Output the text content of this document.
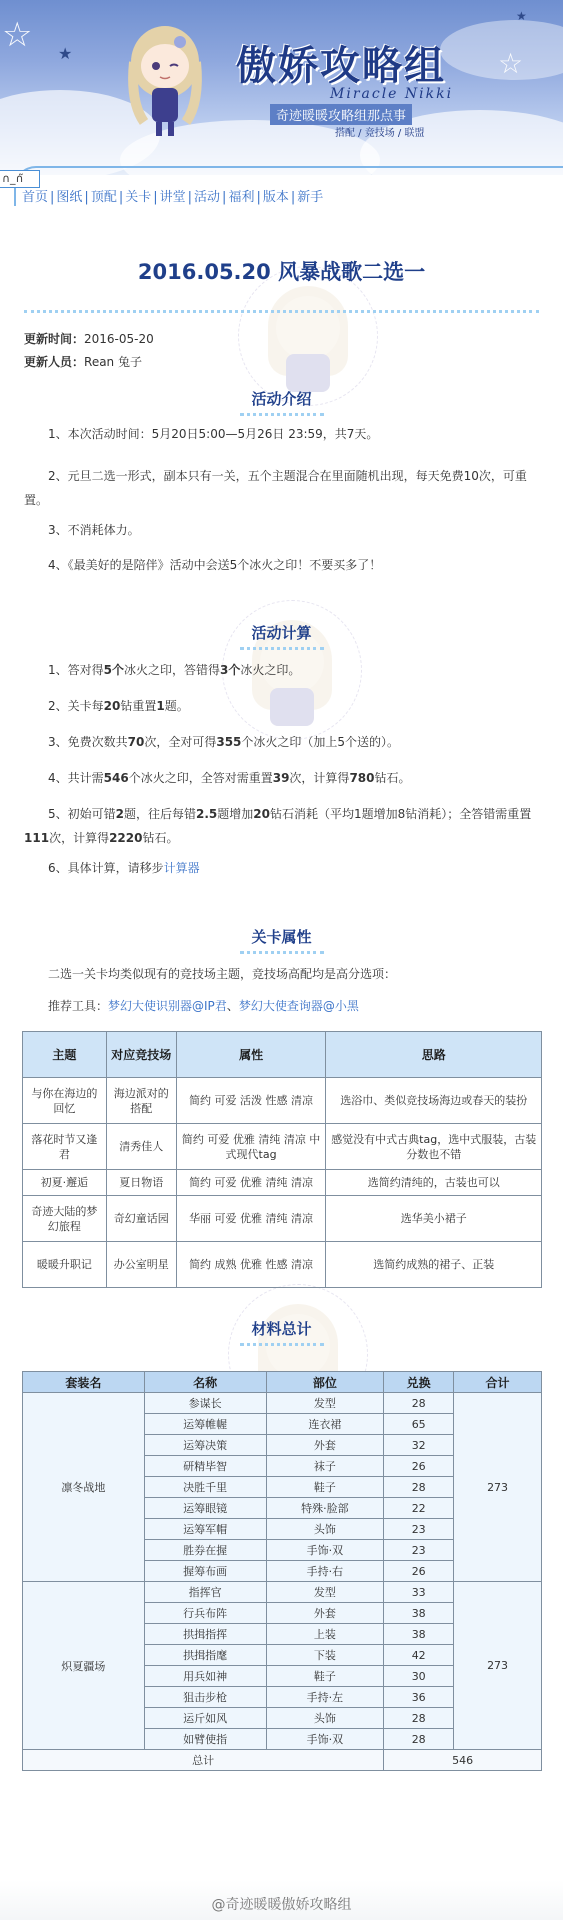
☆
☆
★
★
傲娇攻略组
Miracle Nikki
奇迹暖暖攻略组那点事
搭配 / 竞技场 / 联盟
∩_∩̃
首页 | 图纸 | 顶配 | 关卡 | 讲堂 | 活动 | 福利 | 版本 | 新手
2016.05.20 风暴战歌二选一
更新时间：2016-05-20
更新人员：Rean 兔子
活动介绍
1、本次活动时间：5月20日5:00—5月26日 23:59，共7天。
2、元旦二选一形式，副本只有一关，五个主题混合在里面随机出现，每天免费10次，可重置。
3、不消耗体力。
4、《最美好的是陪伴》活动中会送5个冰火之印！不要买多了！
活动计算
1、答对得5个冰火之印，答错得3个冰火之印。
2、关卡每20钻重置1题。
3、免费次数共70次，全对可得355个冰火之印（加上5个送的）。
4、共计需546个冰火之印，全答对需重置39次，计算得780钻石。
5、初始可错2题，往后每错2.5题增加20钻石消耗（平均1题增加8钻消耗）；全答错需重置111次，计算得2220钻石。
6、具体计算，请移步计算器
关卡属性
二选一关卡均类似现有的竞技场主题，竞技场高配均是高分选项：
推荐工具：梦幻大使识别器@IP君、梦幻大使查询器@小黑
主题	对应竞技场	属性	思路
与你在海边的回忆	海边派对的搭配	简约 可爱 活泼 性感 清凉	选浴巾、类似竞技场海边或春天的装扮
落花时节又逢君	清秀佳人	简约 可爱 优雅 清纯 清凉 中式现代tag	感觉没有中式古典tag，选中式服装，古装分数也不错
初夏·邂逅	夏日物语	简约 可爱 优雅 清纯 清凉	选简约清纯的，古装也可以
奇迹大陆的梦幻旅程	奇幻童话园	华丽 可爱 优雅 清纯 清凉	选华美小裙子
暖暖升职记	办公室明星	简约 成熟 优雅 性感 清凉	选简约成熟的裙子、正装
材料总计
套装名	名称	部位	兑换	合计
凛冬战地	参谋长	发型	28	273
	运筹帷幄	连衣裙	65	
	运筹决策	外套	32	
	研精毕智	袜子	26	
	决胜千里	鞋子	28	
	运筹眼镜	特殊·脸部	22	
	运筹军帽	头饰	23	
	胜券在握	手饰·双	23	
	握筹布画	手持·右	26	
炽夏疆场	指挥官	发型	33	273
	行兵布阵	外套	38	
	拱揖指挥	上装	38	
	拱揖指麾	下装	42	
	用兵如神	鞋子	30	
	狙击步枪	手持·左	36	
	运斤如风	头饰	28	
	如臂使指	手饰·双	28	
总计			546	
@奇迹暖暖傲娇攻略组
